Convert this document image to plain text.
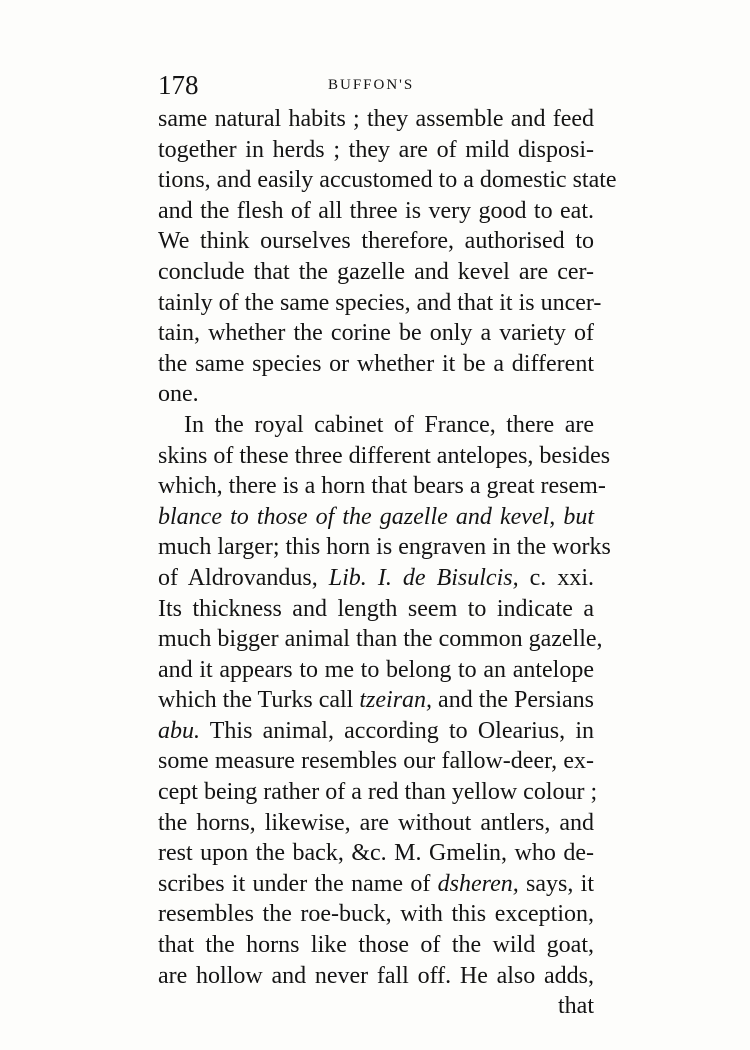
178	BUFFON'S
same natural habits ; they assemble and feed
together in herds ; they are of mild disposi-
tions, and easily accustomed to a domestic state
and the flesh of all three is very good to eat.
We think ourselves therefore, authorised to
conclude that the gazelle and kevel are cer-
tainly of the same species, and that it is uncer-
tain, whether the corine be only a variety of
the same species or whether it be a different
one.
In the royal cabinet of France, there are
skins of these three different antelopes, besides
which, there is a horn that bears a great resem-
blance to those of the gazelle and kevel, but
much larger; this horn is engraven in the works
of Aldrovandus, Lib. I. de Bisulcis, c. xxi.
Its thickness and length seem to indicate a
much bigger animal than the common gazelle,
and it appears to me to belong to an antelope
which the Turks call tzeiran, and the Persians
abu. This animal, according to Olearius, in
some measure resembles our fallow-deer, ex-
cept being rather of a red than yellow colour ;
the horns, likewise, are without antlers, and
rest upon the back, &c. M. Gmelin, who de-
scribes it under the name of dsheren, says, it
resembles the roe-buck, with this exception,
that the horns like those of the wild goat,
are hollow and never fall off. He also adds,
that
